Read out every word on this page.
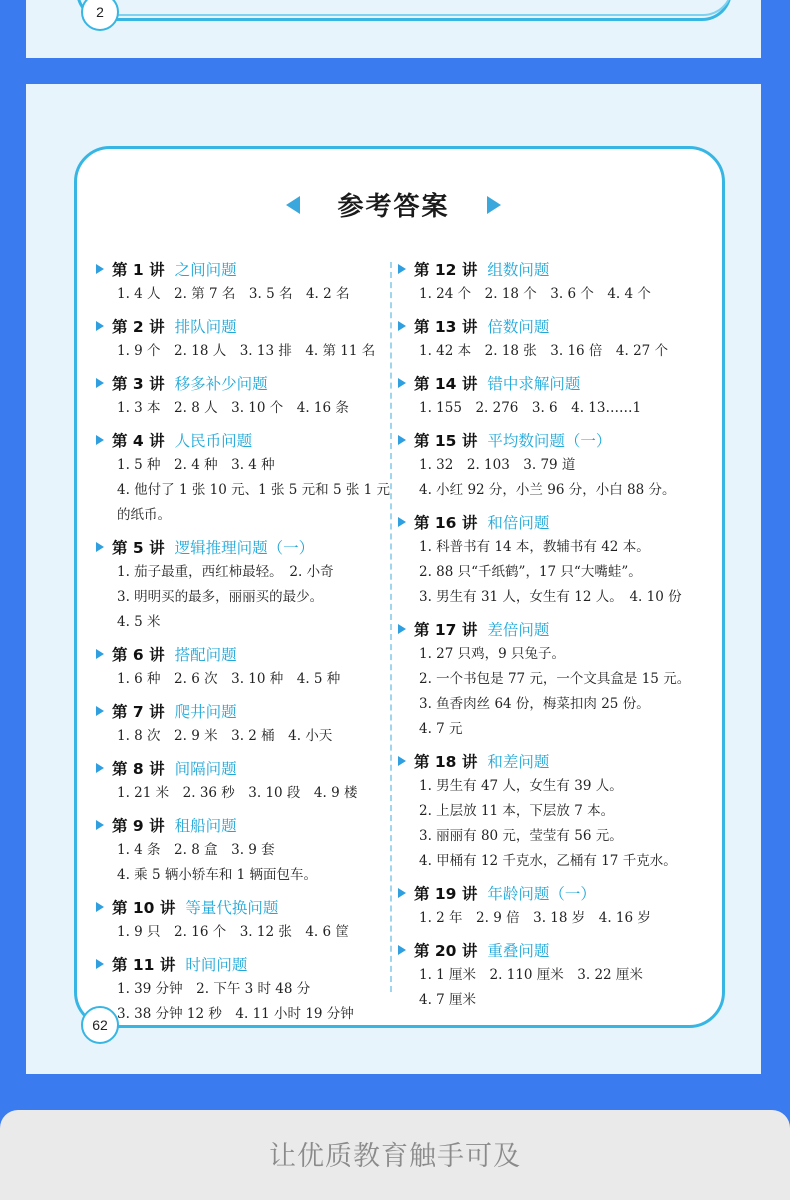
2
参考答案
第 1 讲 之间问题
1. 4 人　2. 第 7 名　3. 5 名　4. 2 名
第 2 讲 排队问题
1. 9 个　2. 18 人　3. 13 排　4. 第 11 名
第 3 讲 移多补少问题
1. 3 本　2. 8 人　3. 10 个　4. 16 条
第 4 讲 人民币问题
1. 5 种　2. 4 种　3. 4 种
4. 他付了 1 张 10 元、1 张 5 元和 5 张 1 元
的纸币。
第 5 讲 逻辑推理问题（一）
1. 茄子最重，西红柿最轻。　2. 小奇
3. 明明买的最多，丽丽买的最少。
4. 5 米
第 6 讲 搭配问题
1. 6 种　2. 6 次　3. 10 种　4. 5 种
第 7 讲 爬井问题
1. 8 次　2. 9 米　3. 2 桶　4. 小天
第 8 讲 间隔问题
1. 21 米　2. 36 秒　3. 10 段　4. 9 楼
第 9 讲 租船问题
1. 4 条　2. 8 盒　3. 9 套
4. 乘 5 辆小轿车和 1 辆面包车。
第 10 讲 等量代换问题
1. 9 只　2. 16 个　3. 12 张　4. 6 筐
第 11 讲 时间问题
1. 39 分钟　2. 下午 3 时 48 分
3. 38 分钟 12 秒　4. 11 小时 19 分钟
第 12 讲 组数问题
1. 24 个　2. 18 个　3. 6 个　4. 4 个
第 13 讲 倍数问题
1. 42 本　2. 18 张　3. 16 倍　4. 27 个
第 14 讲 错中求解问题
1. 155　2. 276　3. 6　4. 13……1
第 15 讲 平均数问题（一）
1. 32　2. 103　3. 79 道
4. 小红 92 分，小兰 96 分，小白 88 分。
第 16 讲 和倍问题
1. 科普书有 14 本，教辅书有 42 本。
2. 88 只“千纸鹤”，17 只“大嘴蛙”。
3. 男生有 31 人，女生有 12 人。　4. 10 份
第 17 讲 差倍问题
1. 27 只鸡，9 只兔子。
2. 一个书包是 77 元，一个文具盒是 15 元。
3. 鱼香肉丝 64 份，梅菜扣肉 25 份。
4. 7 元
第 18 讲 和差问题
1. 男生有 47 人，女生有 39 人。
2. 上层放 11 本，下层放 7 本。
3. 丽丽有 80 元，莹莹有 56 元。
4. 甲桶有 12 千克水，乙桶有 17 千克水。
第 19 讲 年龄问题（一）
1. 2 年　2. 9 倍　3. 18 岁　4. 16 岁
第 20 讲 重叠问题
1. 1 厘米　2. 110 厘米　3. 22 厘米
4. 7 厘米
62
让优质教育触手可及
